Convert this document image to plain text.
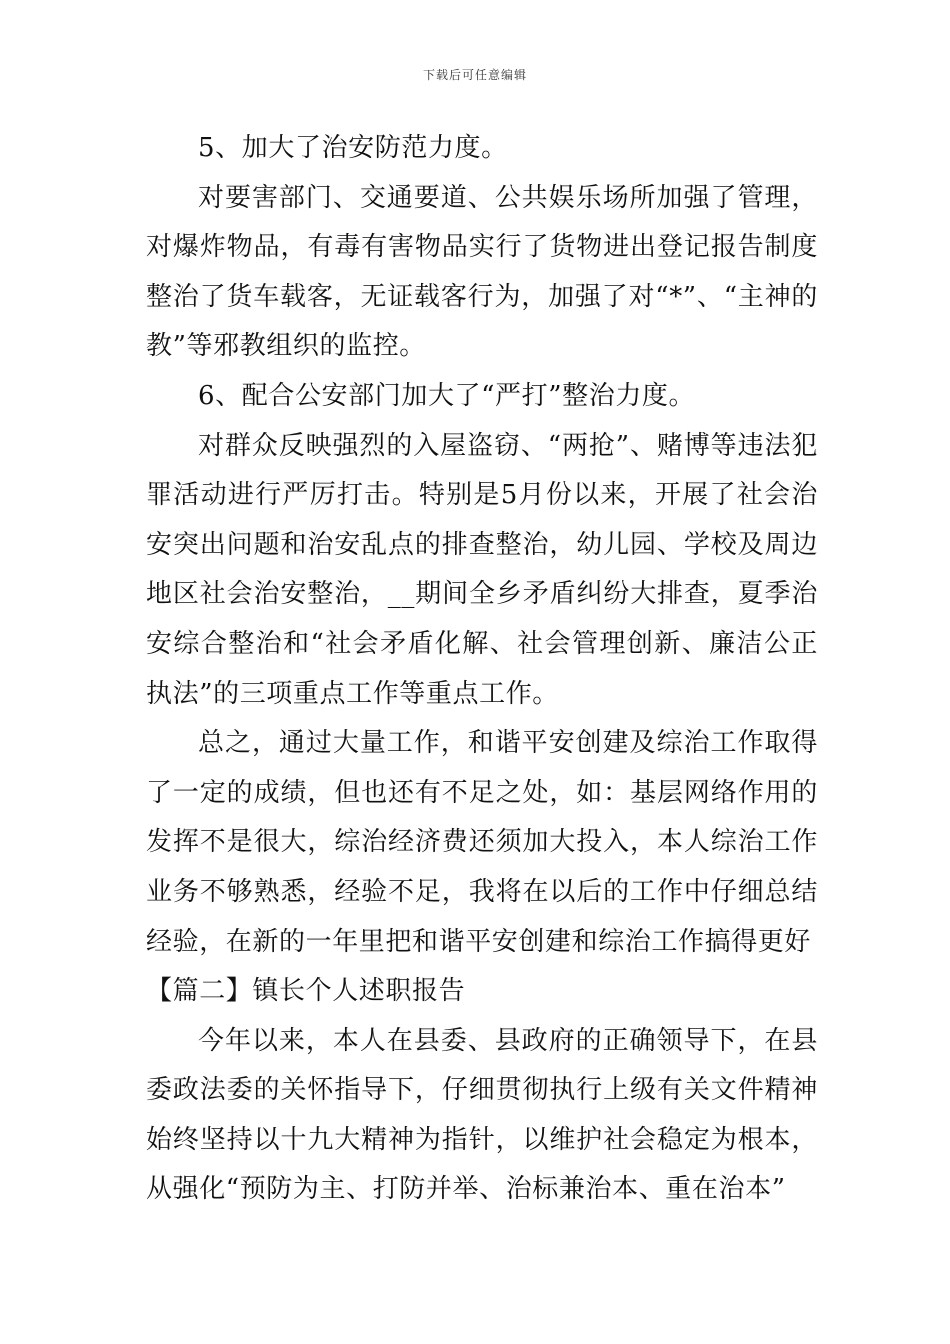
下载后可任意编辑

5、加大了治安防范力度。

对要害部门、交通要道、公共娱乐场所加强了管理，对爆炸物品，有毒有害物品实行了货物进出登记报告制度整治了货车载客，无证载客行为，加强了对“*”、“主神的教”等邪教组织的监控。

6、配合公安部门加大了“严打”整治力度。

对群众反映强烈的入屋盗窃、“两抢”、赌博等违法犯罪活动进行严厉打击。特别是5月份以来，开展了社会治安突出问题和治安乱点的排查整治，幼儿园、学校及周边地区社会治安整治，__期间全乡矛盾纠纷大排查，夏季治安综合整治和“社会矛盾化解、社会管理创新、廉洁公正执法”的三项重点工作等重点工作。

总之，通过大量工作，和谐平安创建及综治工作取得了一定的成绩，但也还有不足之处，如：基层网络作用的发挥不是很大，综治经济费还须加大投入，本人综治工作业务不够熟悉，经验不足，我将在以后的工作中仔细总结经验，在新的一年里把和谐平安创建和综治工作搞得更好

【篇二】镇长个人述职报告

今年以来，本人在县委、县政府的正确领导下，在县委政法委的关怀指导下，仔细贯彻执行上级有关文件精神始终坚持以十九大精神为指针，以维护社会稳定为根本，从强化“预防为主、打防并举、治标兼治本、重在治本”
